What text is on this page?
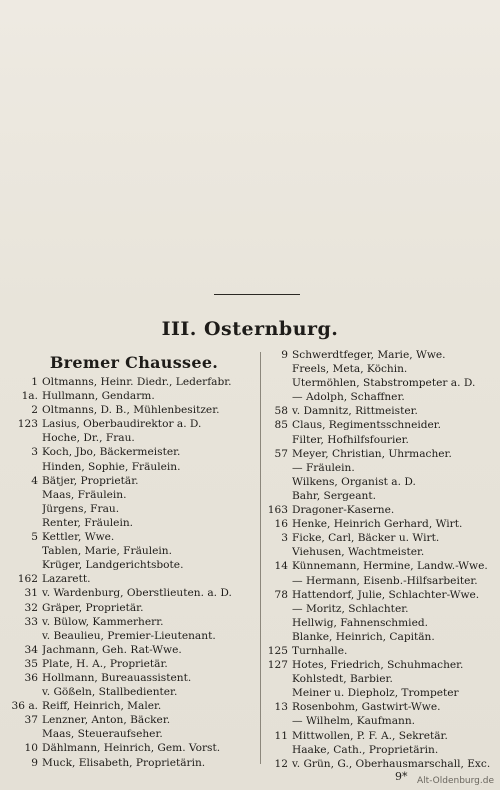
III. Osternburg.
Bremer Chaussee.
1 Oltmanns, Heinr. Diedr., Lederfabr.
1a. Hullmann, Gendarm.
2 Oltmanns, D. B., Mühlenbesitzer.
123 Lasius, Oberbaudirektor a. D.
Hoche, Dr., Frau.
3 Koch, Jbo, Bäckermeister.
Hinden, Sophie, Fräulein.
4 Bätjer, Proprietär.
Maas, Fräulein.
Jürgens, Frau.
Renter, Fräulein.
5 Kettler, Wwe.
Tablen, Marie, Fräulein.
Krüger, Landgerichtsbote.
162 Lazarett.
31 v. Wardenburg, Oberstlieuten. a. D.
32 Gräper, Proprietär.
33 v. Bülow, Kammerherr.
v. Beaulieu, Premier-Lieutenant.
34 Jachmann, Geh. Rat-Wwe.
35 Plate, H. A., Proprietär.
36 Hollmann, Bureauassistent.
v. Gößeln, Stallbedienter.
36 a. Reiff, Heinrich, Maler.
37 Lenzner, Anton, Bäcker.
Maas, Steueraufseher.
10 Dählmann, Heinrich, Gem. Vorst.
9 Muck, Elisabeth, Proprietärin.
9 Schwerdtfeger, Marie, Wwe.
Freels, Meta, Köchin.
Utermöhlen, Stabstrompeter a. D.
— Adolph, Schaffner.
58 v. Damnitz, Rittmeister.
85 Claus, Regimentsschneider.
Filter, Hofhilfsfourier.
57 Meyer, Christian, Uhrmacher.
— Fräulein.
Wilkens, Organist a. D.
Bahr, Sergeant.
163 Dragoner-Kaserne.
16 Henke, Heinrich Gerhard, Wirt.
3 Ficke, Carl, Bäcker u. Wirt.
Viehusen, Wachtmeister.
14 Künnemann, Hermine, Landw.-Wwe.
— Hermann, Eisenb.-Hilfsarbeiter.
78 Hattendorf, Julie, Schlachter-Wwe.
— Moritz, Schlachter.
Hellwig, Fahnenschmied.
Blanke, Heinrich, Capitän.
125 Turnhalle.
127 Hotes, Friedrich, Schuhmacher.
Kohlstedt, Barbier.
Meiner u. Diepholz, Trompeter
13 Rosenbohm, Gastwirt-Wwe.
— Wilhelm, Kaufmann.
11 Mittwollen, P. F. A., Sekretär.
Haake, Cath., Proprietärin.
12 v. Grün, G., Oberhausmarschall, Exc.
9* Alt-Oldenburg.de
